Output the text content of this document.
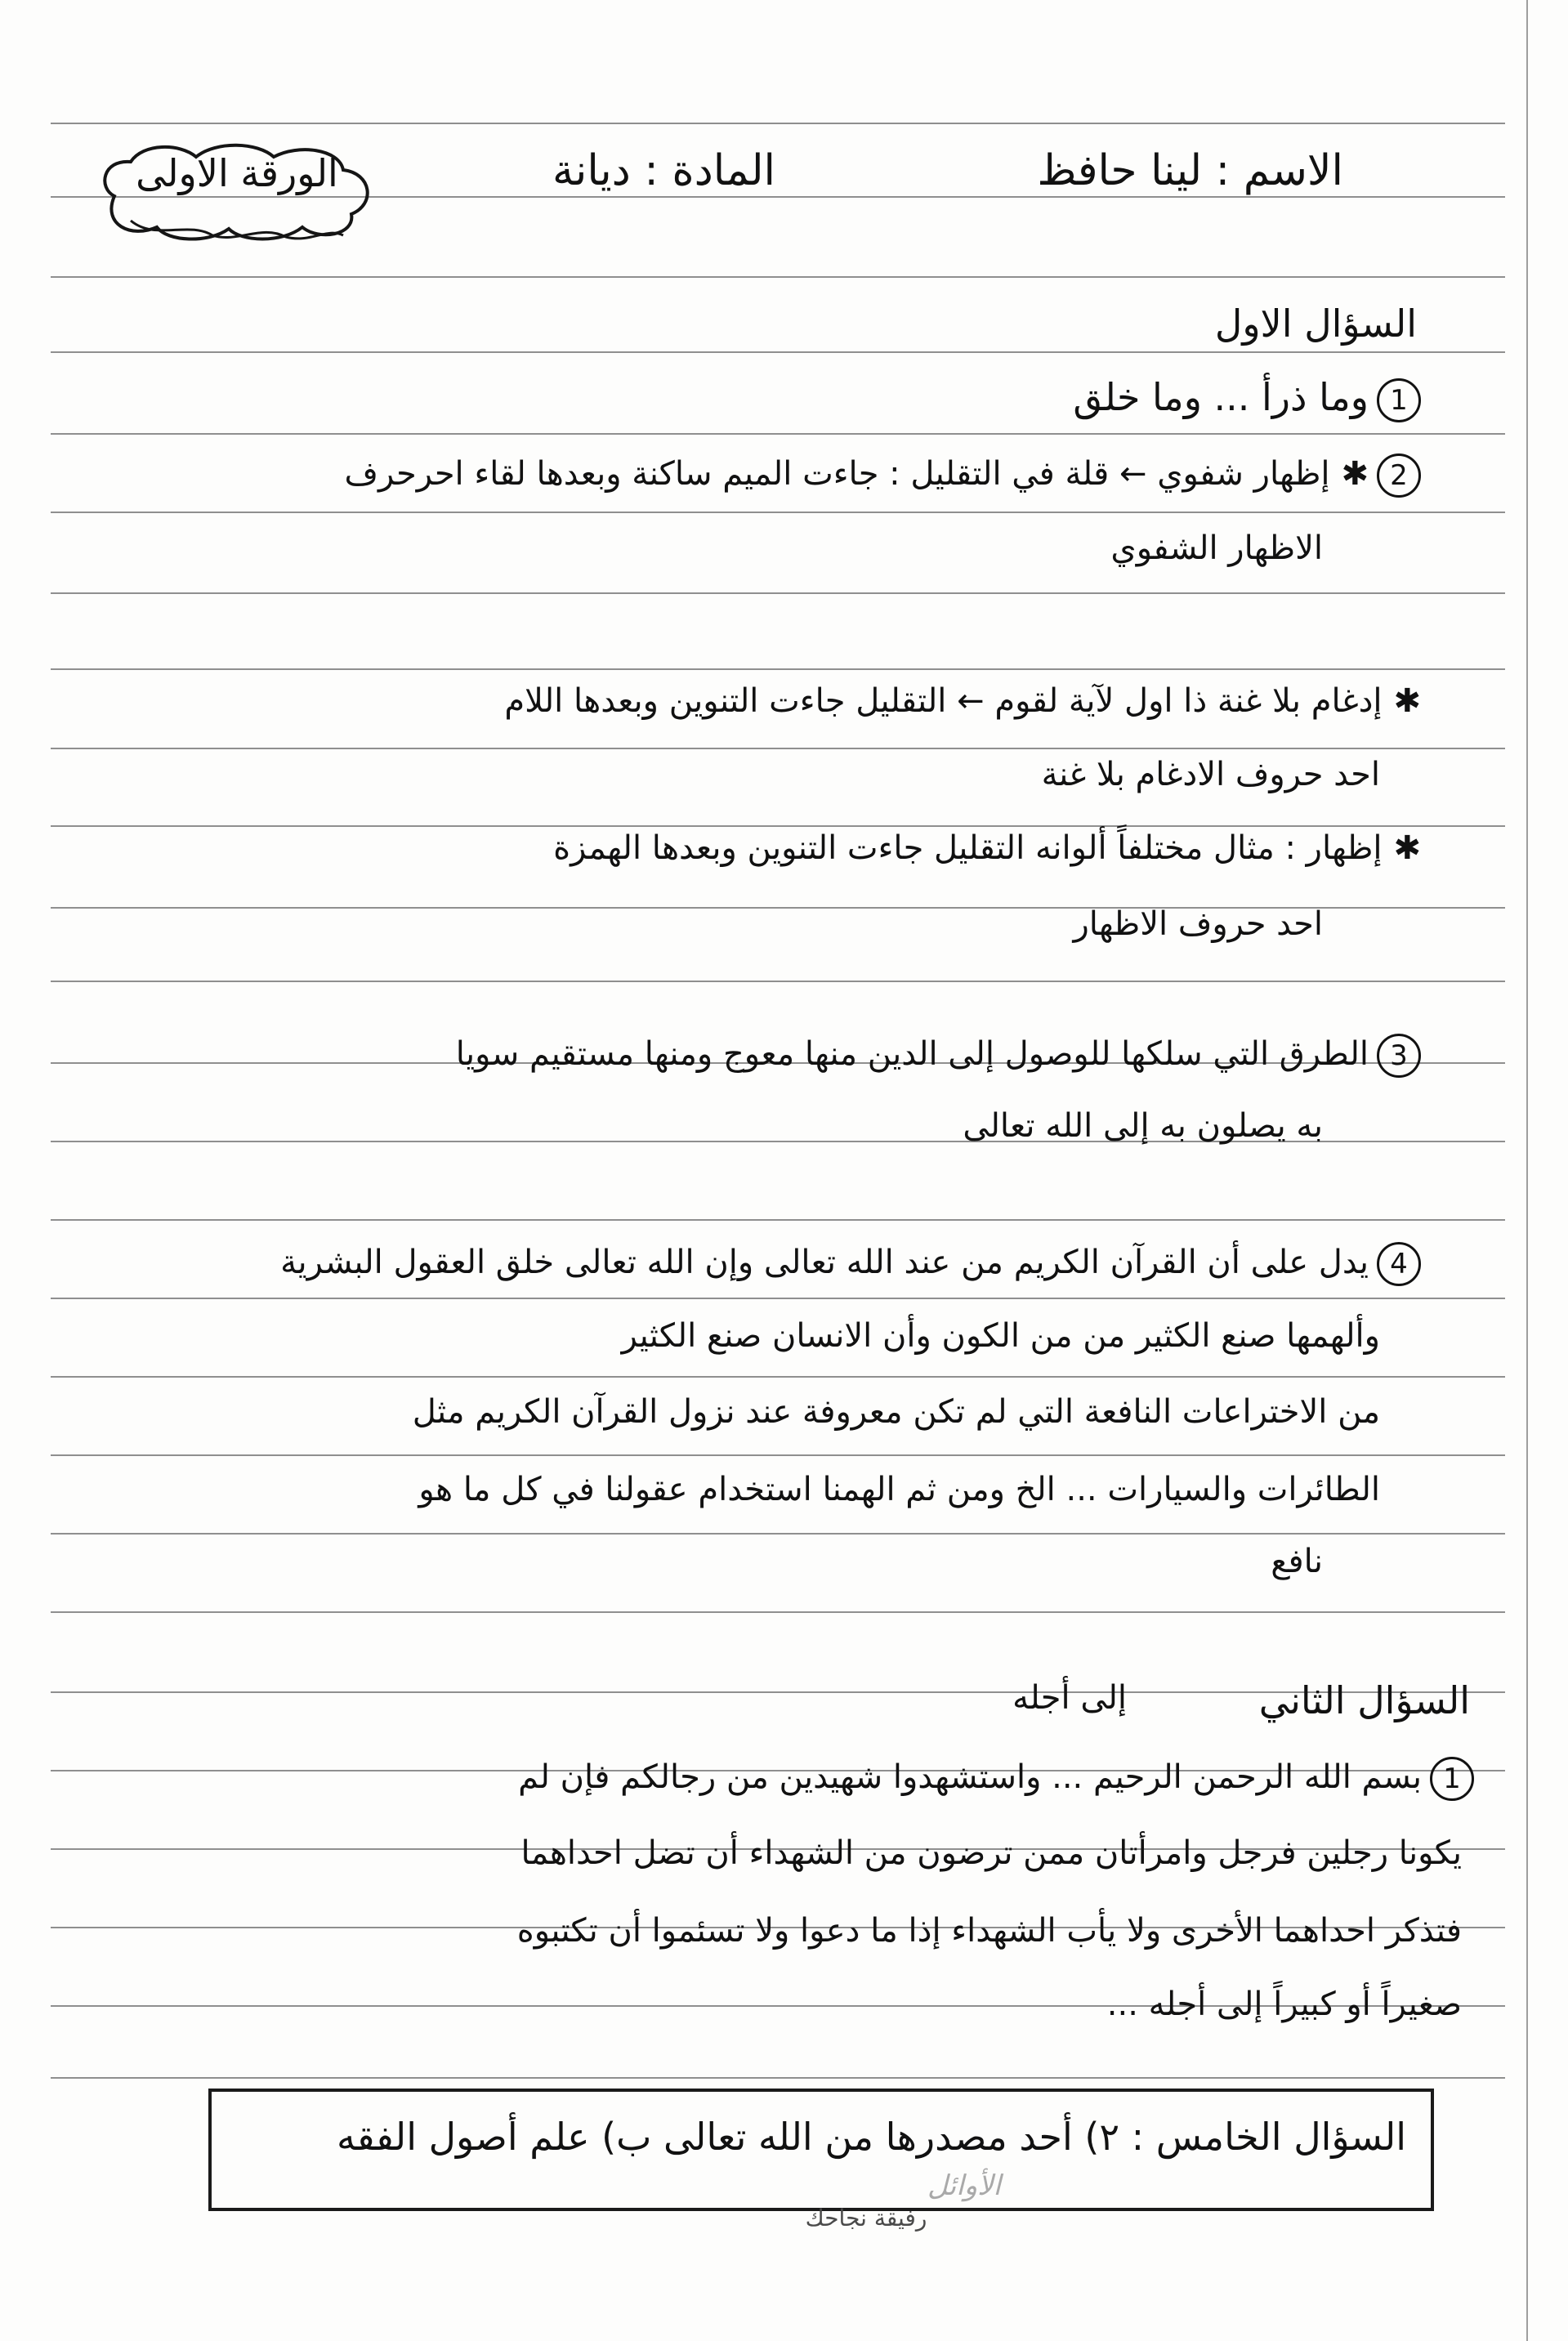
الاسم : لينا حافظ
المادة : ديانة
الورقة الاولى
السؤال الاول
1وما ذرأ ... وما خلق
2✱ إظهار شفوي ← قلة في التقليل : جاءت الميم ساكنة وبعدها لقاء احرحرف
الاظهار الشفوي
✱ إدغام بلا غنة ذا اول لآية لقوم ← التقليل جاءت التنوين وبعدها اللام
احد حروف الادغام بلا غنة
✱ إظهار : مثال مختلفاً ألوانه التقليل جاءت التنوين وبعدها الهمزة
احد حروف الاظهار
3الطرق التي سلكها للوصول إلى الدين منها معوج ومنها مستقيم سويا
به يصلون به إلى الله تعالى
4يدل على أن القرآن الكريم من عند الله تعالى وإن الله تعالى خلق العقول البشرية
وألهمها صنع الكثير من من الكون وأن الانسان صنع الكثير
من الاختراعات النافعة التي لم تكن معروفة عند نزول القرآن الكريم مثل
الطائرات والسيارات ... الخ ومن ثم الهمنا استخدام عقولنا في كل ما هو
نافع
السؤال الثاني
إلى أجله
1بسم الله الرحمن الرحيم ... واستشهدوا شهيدين من رجالكم فإن لم
يكونا رجلين فرجل وامرأتان ممن ترضون من الشهداء أن تضل احداهما
فتذكر احداهما الأخرى ولا يأب الشهداء إذا ما دعوا ولا تسئموا أن تكتبوه
صغيراً أو كبيراً إلى أجله ...
السؤال الخامس : ٢) أحد مصدرها من الله تعالى ب) علم أصول الفقه
الأوائل
رفيقة نجاحك
